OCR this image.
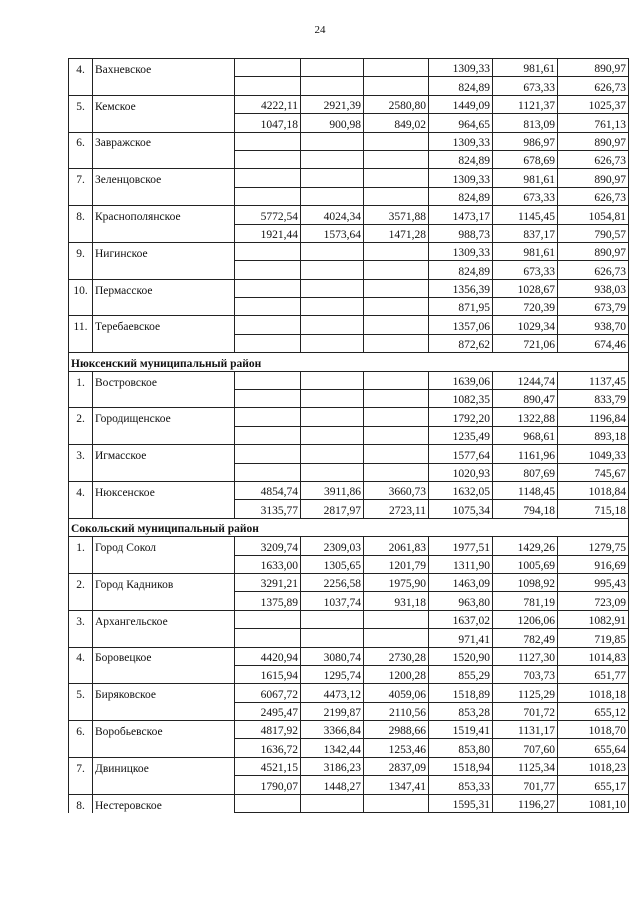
24
4.	Вахневское				1309,33	981,61	890,97
					824,89	673,33	626,73
5.	Кемское	4222,11	2921,39	2580,80	1449,09	1121,37	1025,37
		1047,18	900,98	849,02	964,65	813,09	761,13
6.	Завражское				1309,33	986,97	890,97
					824,89	678,69	626,73
7.	Зеленцовское				1309,33	981,61	890,97
					824,89	673,33	626,73
8.	Краснополянское	5772,54	4024,34	3571,88	1473,17	1145,45	1054,81
		1921,44	1573,64	1471,28	988,73	837,17	790,57
9.	Нигинское				1309,33	981,61	890,97
					824,89	673,33	626,73
10.	Пермасское				1356,39	1028,67	938,03
					871,95	720,39	673,79
11.	Теребаевское				1357,06	1029,34	938,70
					872,62	721,06	674,46
Нюксенский муниципальный район							
1.	Востровское				1639,06	1244,74	1137,45
					1082,35	890,47	833,79
2.	Городищенское				1792,20	1322,88	1196,84
					1235,49	968,61	893,18
3.	Игмасское				1577,64	1161,96	1049,33
					1020,93	807,69	745,67
4.	Нюксенское	4854,74	3911,86	3660,73	1632,05	1148,45	1018,84
		3135,77	2817,97	2723,11	1075,34	794,18	715,18
Сокольский муниципальный район							
1.	Город Сокол	3209,74	2309,03	2061,83	1977,51	1429,26	1279,75
		1633,00	1305,65	1201,79	1311,90	1005,69	916,69
2.	Город Кадников	3291,21	2256,58	1975,90	1463,09	1098,92	995,43
		1375,89	1037,74	931,18	963,80	781,19	723,09
3.	Архангельское				1637,02	1206,06	1082,91
					971,41	782,49	719,85
4.	Боровецкое	4420,94	3080,74	2730,28	1520,90	1127,30	1014,83
		1615,94	1295,74	1200,28	855,29	703,73	651,77
5.	Биряковское	6067,72	4473,12	4059,06	1518,89	1125,29	1018,18
		2495,47	2199,87	2110,56	853,28	701,72	655,12
6.	Воробьевское	4817,92	3366,84	2988,66	1519,41	1131,17	1018,70
		1636,72	1342,44	1253,46	853,80	707,60	655,64
7.	Двиницкое	4521,15	3186,23	2837,09	1518,94	1125,34	1018,23
		1790,07	1448,27	1347,41	853,33	701,77	655,17
8.	Нестеровское				1595,31	1196,27	1081,10
